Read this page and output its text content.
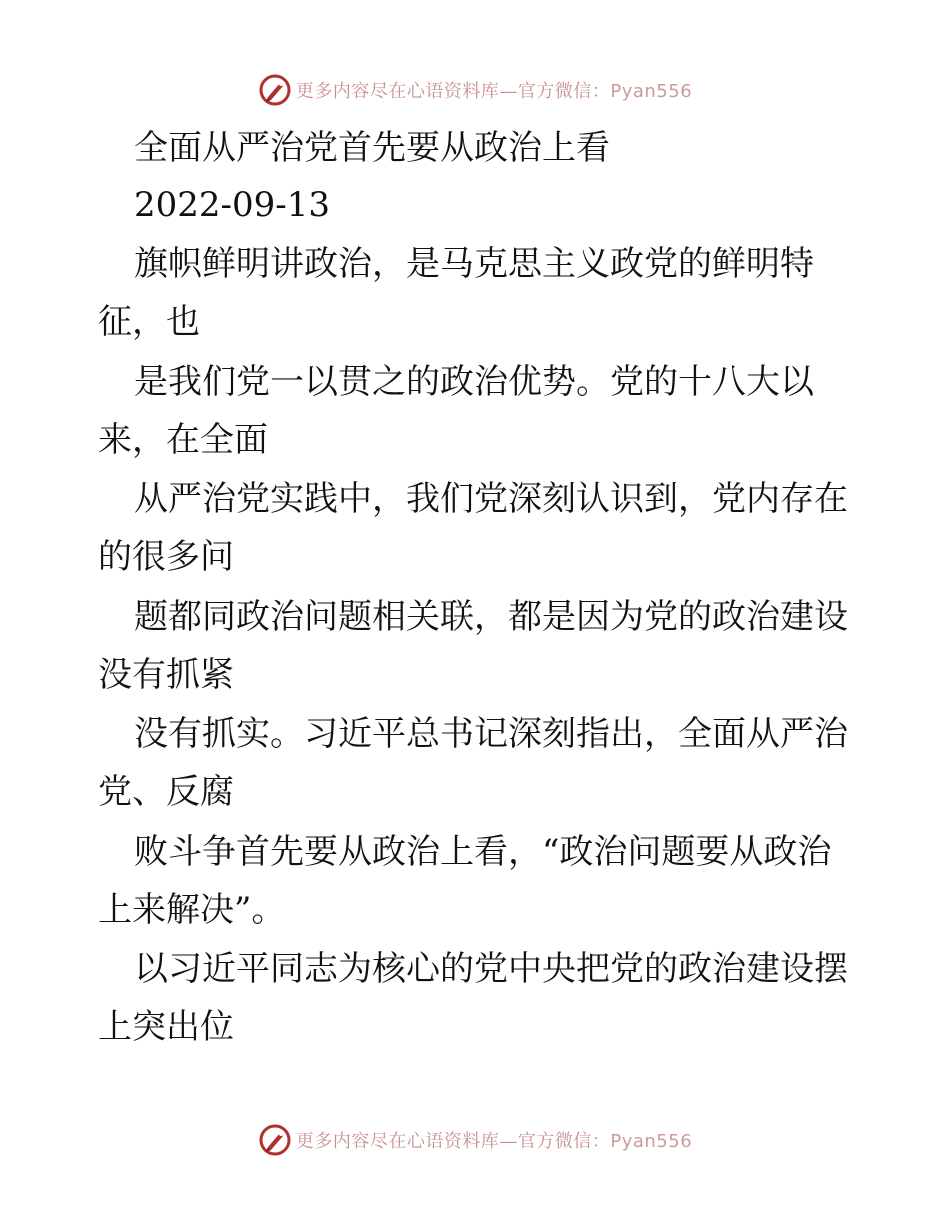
更多内容尽在心语资料库—官方微信：Pyan556
全面从严治党首先要从政治上看
2022-09-13
旗帜鲜明讲政治，是马克思主义政党的鲜明特
征，也
是我们党一以贯之的政治优势。党的十八大以
来，在全面
从严治党实践中，我们党深刻认识到，党内存在
的很多问
题都同政治问题相关联，都是因为党的政治建设
没有抓紧
没有抓实。习近平总书记深刻指出，全面从严治
党、反腐
败斗争首先要从政治上看，“政治问题要从政治
上来解决”。
以习近平同志为核心的党中央把党的政治建设摆
上突出位
更多内容尽在心语资料库—官方微信：Pyan556
